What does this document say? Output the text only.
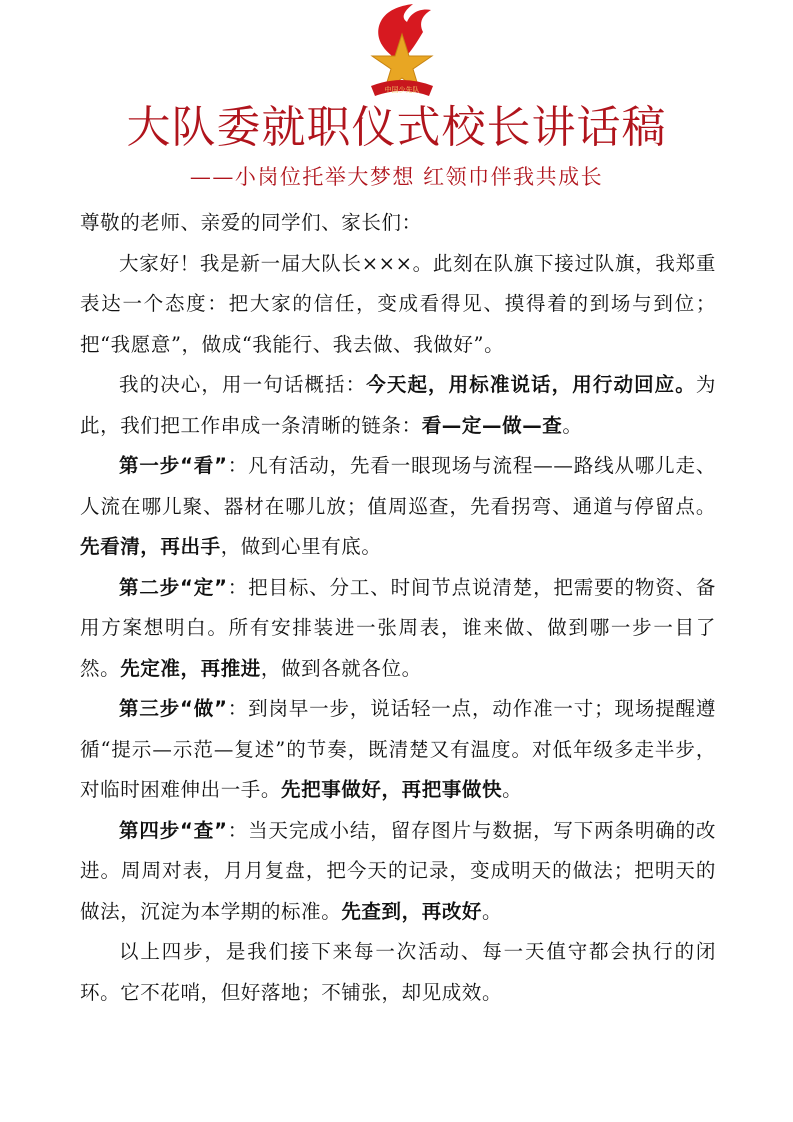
中国少先队
大队委就职仪式校长讲话稿
——小岗位托举大梦想 红领巾伴我共成长

尊敬的老师、亲爱的同学们、家长们：

大家好！我是新一届大队长×××。此刻在队旗下接过队旗，我郑重表达一个态度：把大家的信任，变成看得见、摸得着的到场与到位；把“我愿意”，做成“我能行、我去做、我做好”。

我的决心，用一句话概括：今天起，用标准说话，用行动回应。为此，我们把工作串成一条清晰的链条：看—定—做—查。

第一步“看”：凡有活动，先看一眼现场与流程——路线从哪儿走、人流在哪儿聚、器材在哪儿放；值周巡查，先看拐弯、通道与停留点。先看清，再出手，做到心里有底。

第二步“定”：把目标、分工、时间节点说清楚，把需要的物资、备用方案想明白。所有安排装进一张周表，谁来做、做到哪一步一目了然。先定准，再推进，做到各就各位。

第三步“做”：到岗早一步，说话轻一点，动作准一寸；现场提醒遵循“提示—示范—复述”的节奏，既清楚又有温度。对低年级多走半步，对临时困难伸出一手。先把事做好，再把事做快。

第四步“查”：当天完成小结，留存图片与数据，写下两条明确的改进。周周对表，月月复盘，把今天的记录，变成明天的做法；把明天的做法，沉淀为本学期的标准。先查到，再改好。

以上四步，是我们接下来每一次活动、每一天值守都会执行的闭环。它不花哨，但好落地；不铺张，却见成效。
